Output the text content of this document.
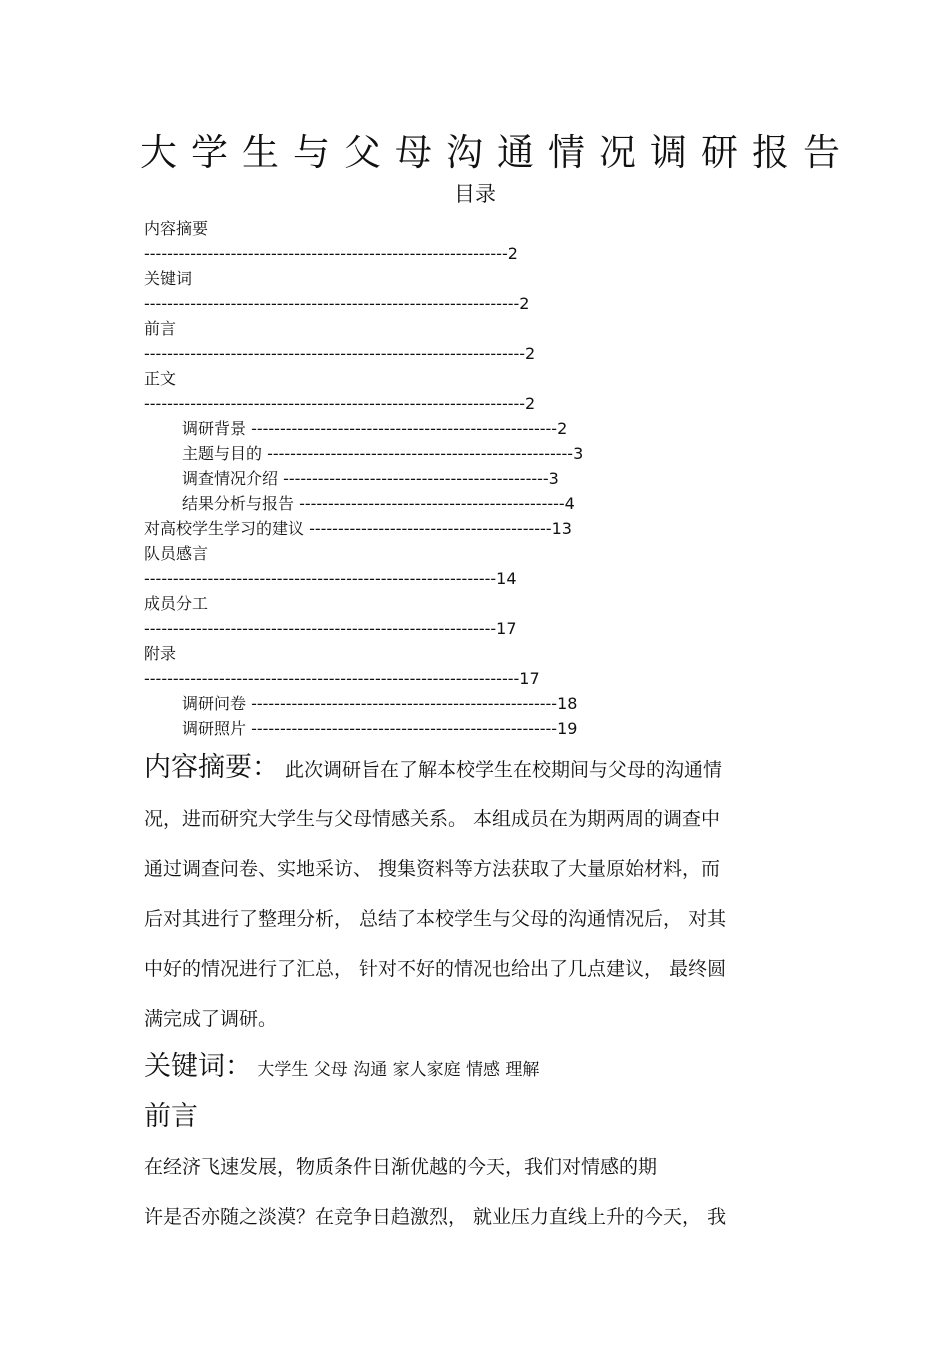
大学生与父母沟通情况调研报告
目录
内容摘要
---------------------------------------------------------------2
关键词
-----------------------------------------------------------------2
前言
------------------------------------------------------------------2
正文
------------------------------------------------------------------2
调研背景 -----------------------------------------------------2
主题与目的 -----------------------------------------------------3
调查情况介绍 ----------------------------------------------3
结果分析与报告 ----------------------------------------------4
对高校学生学习的建议 ------------------------------------------13
队员感言
-------------------------------------------------------------14
成员分工
-------------------------------------------------------------17
附录
-----------------------------------------------------------------17
调研问卷 -----------------------------------------------------18
调研照片 -----------------------------------------------------19
内容摘要： 此次调研旨在了解本校学生在校期间与父母的沟通情
况，进而研究大学生与父母情感关系。 本组成员在为期两周的调查中
通过调查问卷、实地采访、 搜集资料等方法获取了大量原始材料，而
后对其进行了整理分析， 总结了本校学生与父母的沟通情况后， 对其
中好的情况进行了汇总， 针对不好的情况也给出了几点建议， 最终圆
满完成了调研。
关键词： 大学生 父母 沟通 家人家庭 情感 理解
前言
在经济飞速发展，物质条件日渐优越的今天，我们对情感的期
许是否亦随之淡漠？在竞争日趋激烈， 就业压力直线上升的今天， 我
